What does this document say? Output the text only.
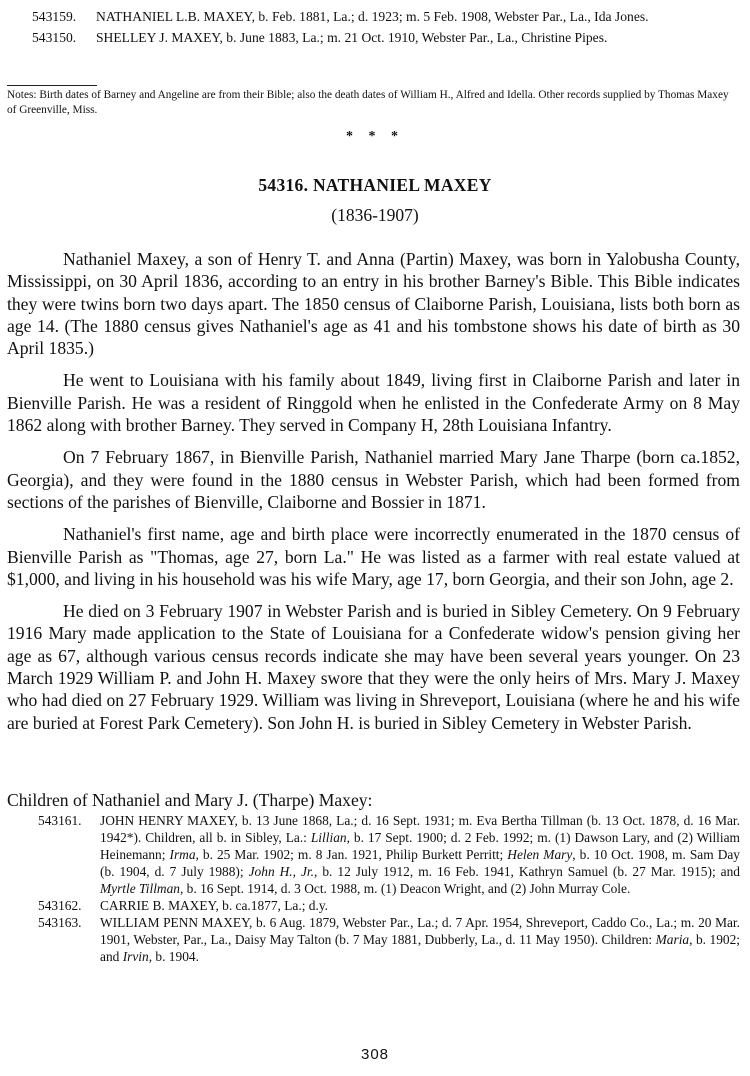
543159. NATHANIEL L.B. MAXEY, b. Feb. 1881, La.; d. 1923; m. 5 Feb. 1908, Webster Par., La., Ida Jones.
543150. SHELLEY J. MAXEY, b. June 1883, La.; m. 21 Oct. 1910, Webster Par., La., Christine Pipes.
Notes: Birth dates of Barney and Angeline are from their Bible; also the death dates of William H., Alfred and Idella. Other records supplied by Thomas Maxey of Greenville, Miss.
* * *
54316. NATHANIEL MAXEY
(1836-1907)

Nathaniel Maxey, a son of Henry T. and Anna (Partin) Maxey, was born in Yalobusha County, Mississippi, on 30 April 1836, according to an entry in his brother Barney's Bible. This Bible indicates they were twins born two days apart. The 1850 census of Claiborne Parish, Louisiana, lists both born as age 14. (The 1880 census gives Nathaniel's age as 41 and his tombstone shows his date of birth as 30 April 1835.)

He went to Louisiana with his family about 1849, living first in Claiborne Parish and later in Bienville Parish. He was a resident of Ringgold when he enlisted in the Confederate Army on 8 May 1862 along with brother Barney. They served in Company H, 28th Louisiana Infantry.

On 7 February 1867, in Bienville Parish, Nathaniel married Mary Jane Tharpe (born ca.1852, Georgia), and they were found in the 1880 census in Webster Parish, which had been formed from sections of the parishes of Bienville, Claiborne and Bossier in 1871.

Nathaniel's first name, age and birth place were incorrectly enumerated in the 1870 census of Bienville Parish as "Thomas, age 27, born La." He was listed as a farmer with real estate valued at $1,000, and living in his household was his wife Mary, age 17, born Georgia, and their son John, age 2.

He died on 3 February 1907 in Webster Parish and is buried in Sibley Cemetery. On 9 February 1916 Mary made application to the State of Louisiana for a Confederate widow's pension giving her age as 67, although various census records indicate she may have been several years younger. On 23 March 1929 William P. and John H. Maxey swore that they were the only heirs of Mrs. Mary J. Maxey who had died on 27 February 1929. William was living in Shreveport, Louisiana (where he and his wife are buried at Forest Park Cemetery). Son John H. is buried in Sibley Cemetery in Webster Parish.

Children of Nathaniel and Mary J. (Tharpe) Maxey:
543161. JOHN HENRY MAXEY, b. 13 June 1868, La.; d. 16 Sept. 1931; m. Eva Bertha Tillman (b. 13 Oct. 1878, d. 16 Mar. 1942*). Children, all b. in Sibley, La.: Lillian, b. 17 Sept. 1900; d. 2 Feb. 1992; m. (1) Dawson Lary, and (2) William Heinemann; Irma, b. 25 Mar. 1902; m. 8 Jan. 1921, Philip Burkett Perritt; Helen Mary, b. 10 Oct. 1908, m. Sam Day (b. 1904, d. 7 July 1988); John H., Jr., b. 12 July 1912, m. 16 Feb. 1941, Kathryn Samuel (b. 27 Mar. 1915); and Myrtle Tillman, b. 16 Sept. 1914, d. 3 Oct. 1988, m. (1) Deacon Wright, and (2) John Murray Cole.
543162. CARRIE B. MAXEY, b. ca.1877, La.; d.y.
543163. WILLIAM PENN MAXEY, b. 6 Aug. 1879, Webster Par., La.; d. 7 Apr. 1954, Shreveport, Caddo Co., La.; m. 20 Mar. 1901, Webster, Par., La., Daisy May Talton (b. 7 May 1881, Dubberly, La., d. 11 May 1950). Children: Maria, b. 1902; and Irvin, b. 1904.
308
